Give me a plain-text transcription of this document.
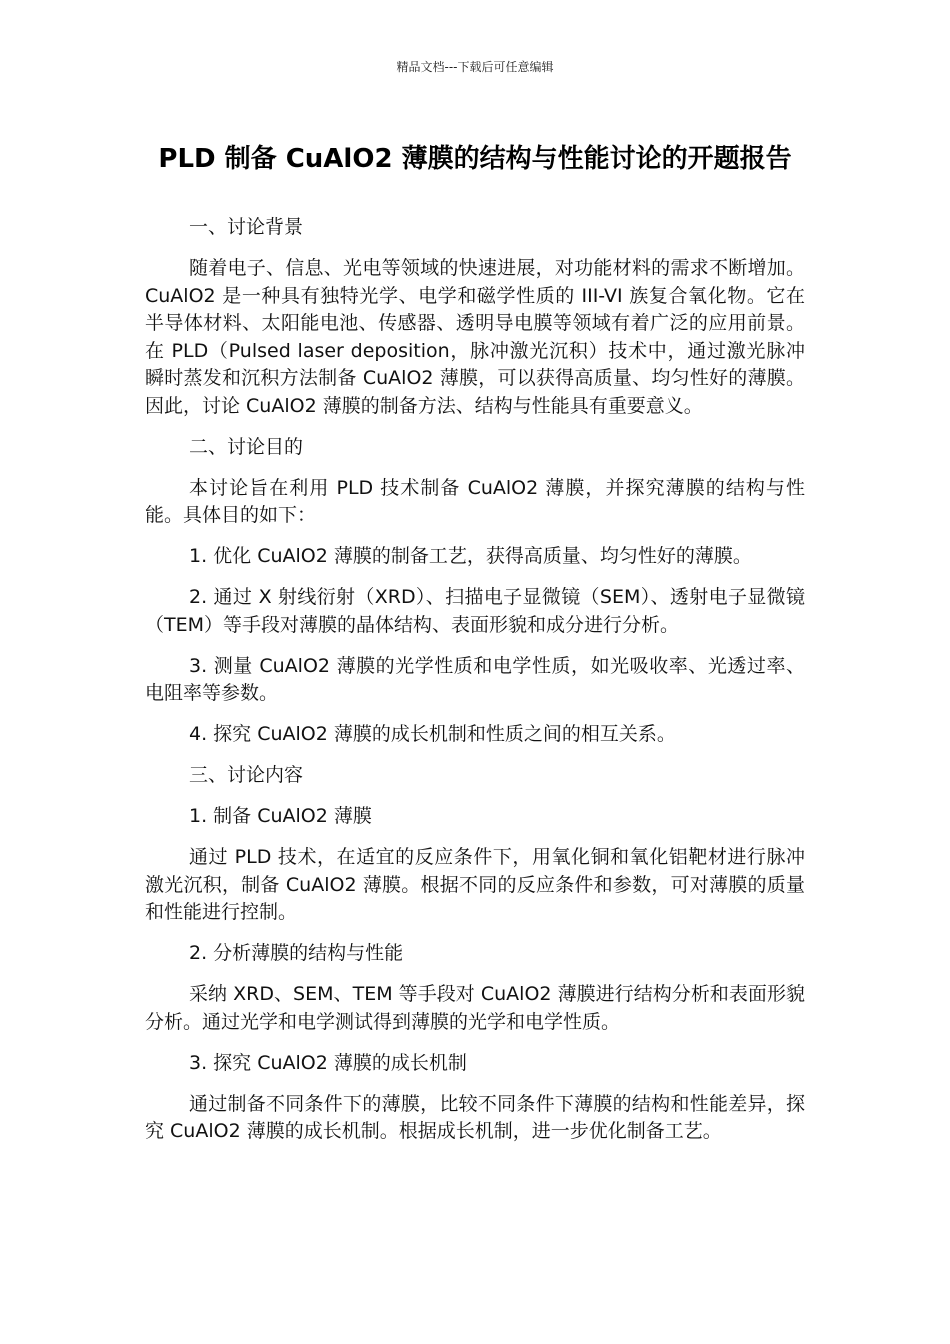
精品文档---下载后可任意编辑
PLD 制备 CuAlO2 薄膜的结构与性能讨论的开题报告
一、讨论背景

随着电子、信息、光电等领域的快速进展，对功能材料的需求不断增加。CuAlO2 是一种具有独特光学、电学和磁学性质的 III-VI 族复合氧化物。它在半导体材料、太阳能电池、传感器、透明导电膜等领域有着广泛的应用前景。在 PLD（Pulsed laser deposition，脉冲激光沉积）技术中，通过激光脉冲瞬时蒸发和沉积方法制备 CuAlO2 薄膜，可以获得高质量、均匀性好的薄膜。因此，讨论 CuAlO2 薄膜的制备方法、结构与性能具有重要意义。

二、讨论目的

本讨论旨在利用 PLD 技术制备 CuAlO2 薄膜，并探究薄膜的结构与性能。具体目的如下：

1. 优化 CuAlO2 薄膜的制备工艺，获得高质量、均匀性好的薄膜。

2. 通过 X 射线衍射（XRD）、扫描电子显微镜（SEM）、透射电子显微镜（TEM）等手段对薄膜的晶体结构、表面形貌和成分进行分析。

3. 测量 CuAlO2 薄膜的光学性质和电学性质，如光吸收率、光透过率、电阻率等参数。

4. 探究 CuAlO2 薄膜的成长机制和性质之间的相互关系。

三、讨论内容
1. 制备 CuAlO2 薄膜

通过 PLD 技术，在适宜的反应条件下，用氧化铜和氧化铝靶材进行脉冲激光沉积，制备 CuAlO2 薄膜。根据不同的反应条件和参数，可对薄膜的质量和性能进行控制。

2. 分析薄膜的结构与性能

采纳 XRD、SEM、TEM 等手段对 CuAlO2 薄膜进行结构分析和表面形貌分析。通过光学和电学测试得到薄膜的光学和电学性质。

3. 探究 CuAlO2 薄膜的成长机制

通过制备不同条件下的薄膜，比较不同条件下薄膜的结构和性能差异，探究 CuAlO2 薄膜的成长机制。根据成长机制，进一步优化制备工艺。
